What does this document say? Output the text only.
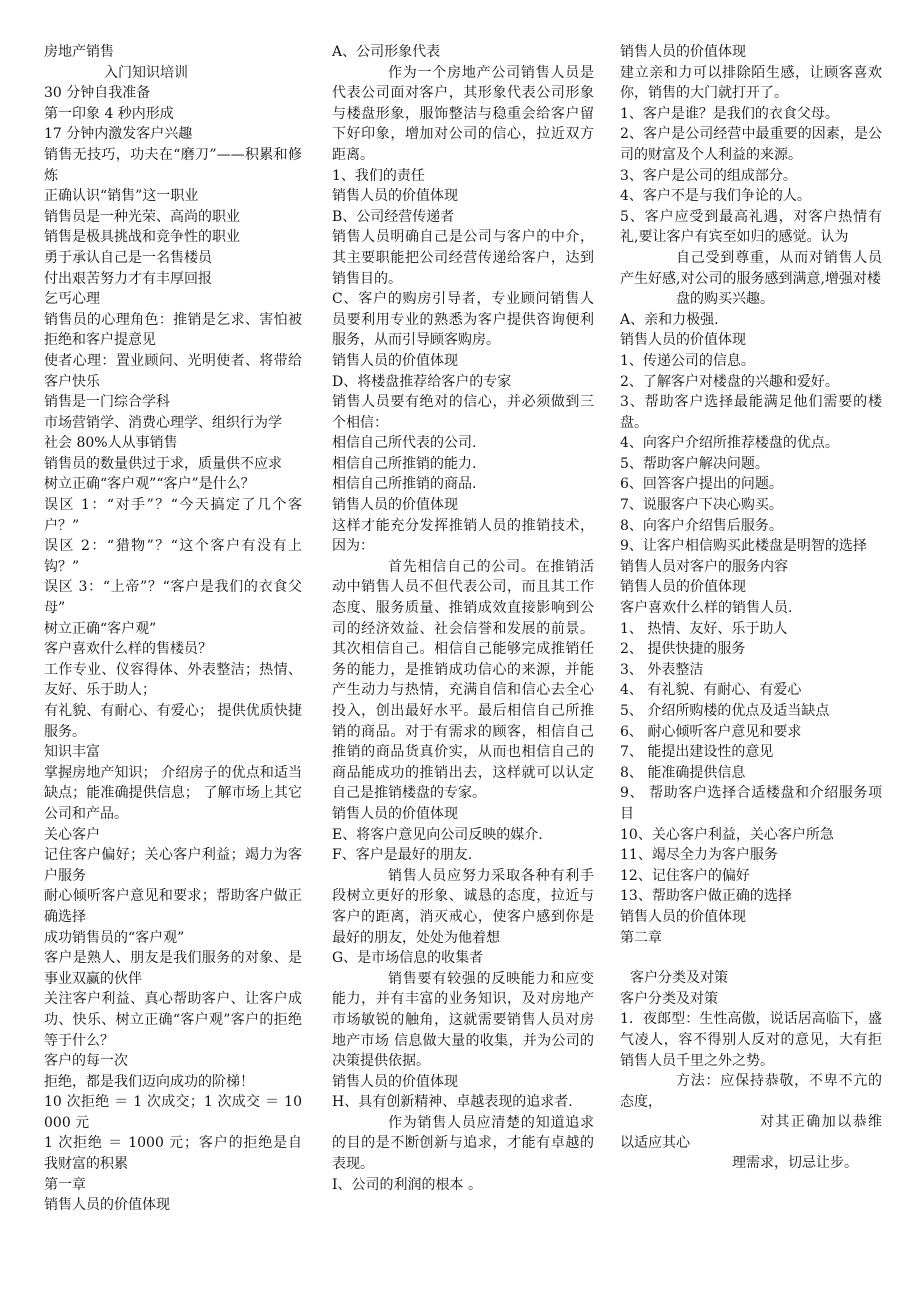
房地产销售

入门知识培训

30 分钟自我准备

第一印象 4 秒内形成

17 分钟内激发客户兴趣

销售无技巧，功夫在“磨刀”——积累和修炼

正确认识“销售”这一职业

销售员是一种光荣、高尚的职业

销售是极具挑战和竞争性的职业

勇于承认自己是一名售楼员

付出艰苦努力才有丰厚回报

乞丐心理

销售员的心理角色：推销是乞求、害怕被拒绝和客户提意见

使者心理：置业顾问、光明使者、将带给客户快乐

销售是一门综合学科

市场营销学、消费心理学、组织行为学

社会 80%人从事销售

销售员的数量供过于求，质量供不应求

树立正确“客户观”“客户”是什么？

误区 1：“对手”？“今天搞定了几个客户？”

误区 2：“猎物”？“这个客户有没有上钩？”

误区 3：“上帝”？“客户是我们的衣食父母”

树立正确“客户观”

客户喜欢什么样的售楼员？

工作专业、仪容得体、外表整洁；热情、友好、乐于助人；

有礼貌、有耐心、有爱心； 提供优质快捷服务。

知识丰富

掌握房地产知识； 介绍房子的优点和适当缺点；能准确提供信息； 了解市场上其它公司和产品。

关心客户

记住客户偏好；关心客户利益；竭力为客户服务

耐心倾听客户意见和要求；帮助客户做正确选择

成功销售员的“客户观”

客户是熟人、朋友是我们服务的对象、是事业双赢的伙伴

关注客户利益、真心帮助客户、让客户成功、快乐、树立正确“客户观”客户的拒绝等于什么？

客户的每一次

拒绝，都是我们迈向成功的阶梯！

10 次拒绝 ＝ 1 次成交；1 次成交 ＝ 10000 元

1 次拒绝 ＝ 1000 元；客户的拒绝是自我财富的积累

第一章

销售人员的价值体现

A、公司形象代表

作为一个房地产公司销售人员是代表公司面对客户，其形象代表公司形象与楼盘形象，服饰整洁与稳重会给客户留下好印象，增加对公司的信心，拉近双方距离。

1、我们的责任

销售人员的价值体现

B、公司经营传递者

销售人员明确自己是公司与客户的中介，其主要职能把公司经营传递给客户，达到销售目的。

C、客户的购房引导者，专业顾问销售人员要利用专业的熟悉为客户提供咨询便利服务，从而引导顾客购房。

销售人员的价值体现

D、将楼盘推荐给客户的专家

销售人员要有绝对的信心，并必须做到三个相信：

相信自己所代表的公司.

相信自己所推销的能力.

相信自己所推销的商品.

销售人员的价值体现

这样才能充分发挥推销人员的推销技术，因为：

首先相信自己的公司。在推销活动中销售人员不但代表公司，而且其工作态度、服务质量、推销成效直接影响到公司的经济效益、社会信誉和发展的前景。其次相信自己。相信自己能够完成推销任务的能力，是推销成功信心的来源，并能产生动力与热情，充满自信和信心去全心投入，创出最好水平。最后相信自己所推销的商品。对于有需求的顾客，相信自己推销的商品货真价实，从而也相信自己的商品能成功的推销出去，这样就可以认定自己是推销楼盘的专家。

销售人员的价值体现

E、将客户意见向公司反映的媒介.

F、客户是最好的朋友.

销售人员应努力采取各种有利手段树立更好的形象、诚恳的态度，拉近与客户的距离，消灭戒心，使客户感到你是最好的朋友，处处为他着想

G、是市场信息的收集者

销售要有较强的反映能力和应变能力，并有丰富的业务知识，及对房地产市场敏锐的触角，这就需要销售人员对房地产市场 信息做大量的收集，并为公司的决策提供依据。

销售人员的价值体现

H、具有创新精神、卓越表现的追求者.

作为销售人员应清楚的知道追求的目的是不断创新与追求，才能有卓越的表现。

I、公司的利润的根本 。

销售人员的价值体现

建立亲和力可以排除陌生感，让顾客喜欢你，销售的大门就打开了。

1、客户是谁？是我们的衣食父母。

2、客户是公司经营中最重要的因素，是公司的财富及个人利益的来源。

3、客户是公司的组成部分。

4、客户不是与我们争论的人。

5、客户应受到最高礼遇，对客户热情有礼,要让客户有宾至如归的感觉。认为

自己受到尊重，从而对销售人员产生好感,对公司的服务感到满意,增强对楼

盘的购买兴趣。

A、亲和力极强.

销售人员的价值体现

1、传递公司的信息。

2、了解客户对楼盘的兴趣和爱好。

3、帮助客户选择最能满足他们需要的楼盘。

4、向客户介绍所推荐楼盘的优点。

5、帮助客户解决问题。

6、回答客户提出的问题。

7、说服客户下决心购买。

8、向客户介绍售后服务。

9、让客户相信购买此楼盘是明智的选择

销售人员对客户的服务内容

销售人员的价值体现

客户喜欢什么样的销售人员.

1、 热情、友好、乐于助人

2、 提供快捷的服务

3、 外表整洁

4、 有礼貌、有耐心、有爱心

5、 介绍所购楼的优点及适当缺点

6、 耐心倾听客户意见和要求

7、 能提出建设性的意见

8、 能准确提供信息

9、 帮助客户选择合适楼盘和介绍服务项目

10、关心客户利益，关心客户所急

11、竭尽全力为客户服务

12、记住客户的偏好

13、帮助客户做正确的选择

销售人员的价值体现

第二章

客户分类及对策

客户分类及对策

1．夜郎型：生性高傲，说话居高临下，盛气凌人，容不得别人反对的意见，大有拒销售人员千里之外之势。

方法：应保持恭敬，不卑不亢的态度，

对其正确加以恭维以适应其心

理需求，切忌让步。
